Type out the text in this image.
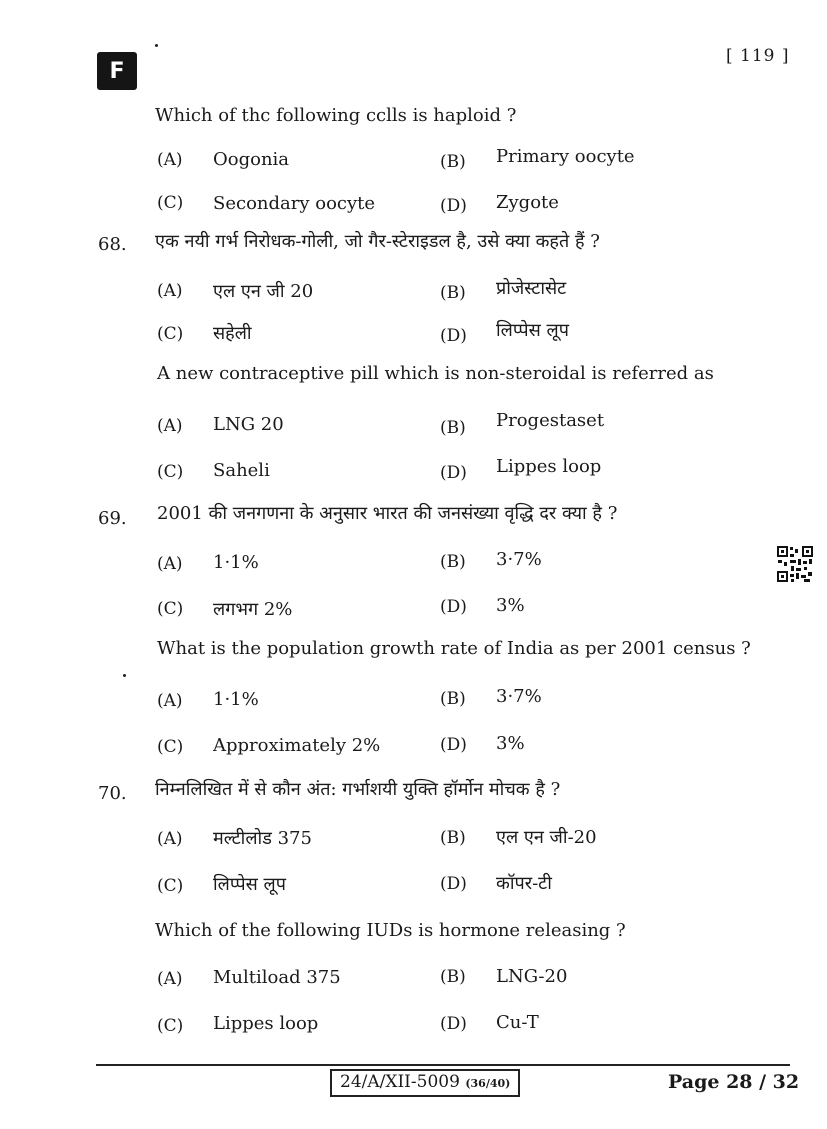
F
[ 119 ]
Which of thc following cclls is haploid ?
(A) Oogonia	(B) Primary oocyte
(C) Secondary oocyte	(D) Zygote
68. एक नयी गर्भ निरोधक-गोली, जो गैर-स्टेराइडल है, उसे क्या कहते हैं ?
(A) एल एन जी 20	(B) प्रोजेस्टासेट
(C) सहेली	(D) लिप्पेस लूप
A new contraceptive pill which is non-steroidal is referred as
(A) LNG 20	(B) Progestaset
(C) Saheli	(D) Lippes loop
69. 2001 की जनगणना के अनुसार भारत की जनसंख्या वृद्धि दर क्या है ?
(A) 1·1%	(B) 3·7%
(C) लगभग 2%	(D) 3%
What is the population growth rate of India as per 2001 census ?
(A) 1·1%	(B) 3·7%
(C) Approximately 2%	(D) 3%
70. निम्नलिखित में से कौन अंत: गर्भाशयी युक्ति हॉर्मोन मोचक है ?
(A) मल्टीलोड 375	(B) एल एन जी-20
(C) लिप्पेस लूप	(D) कॉपर-टी
Which of the following IUDs is hormone releasing ?
(A) Multiload 375	(B) LNG-20
(C) Lippes loop	(D) Cu-T
24/A/XII-5009 (36/40)	Page 28 / 32
